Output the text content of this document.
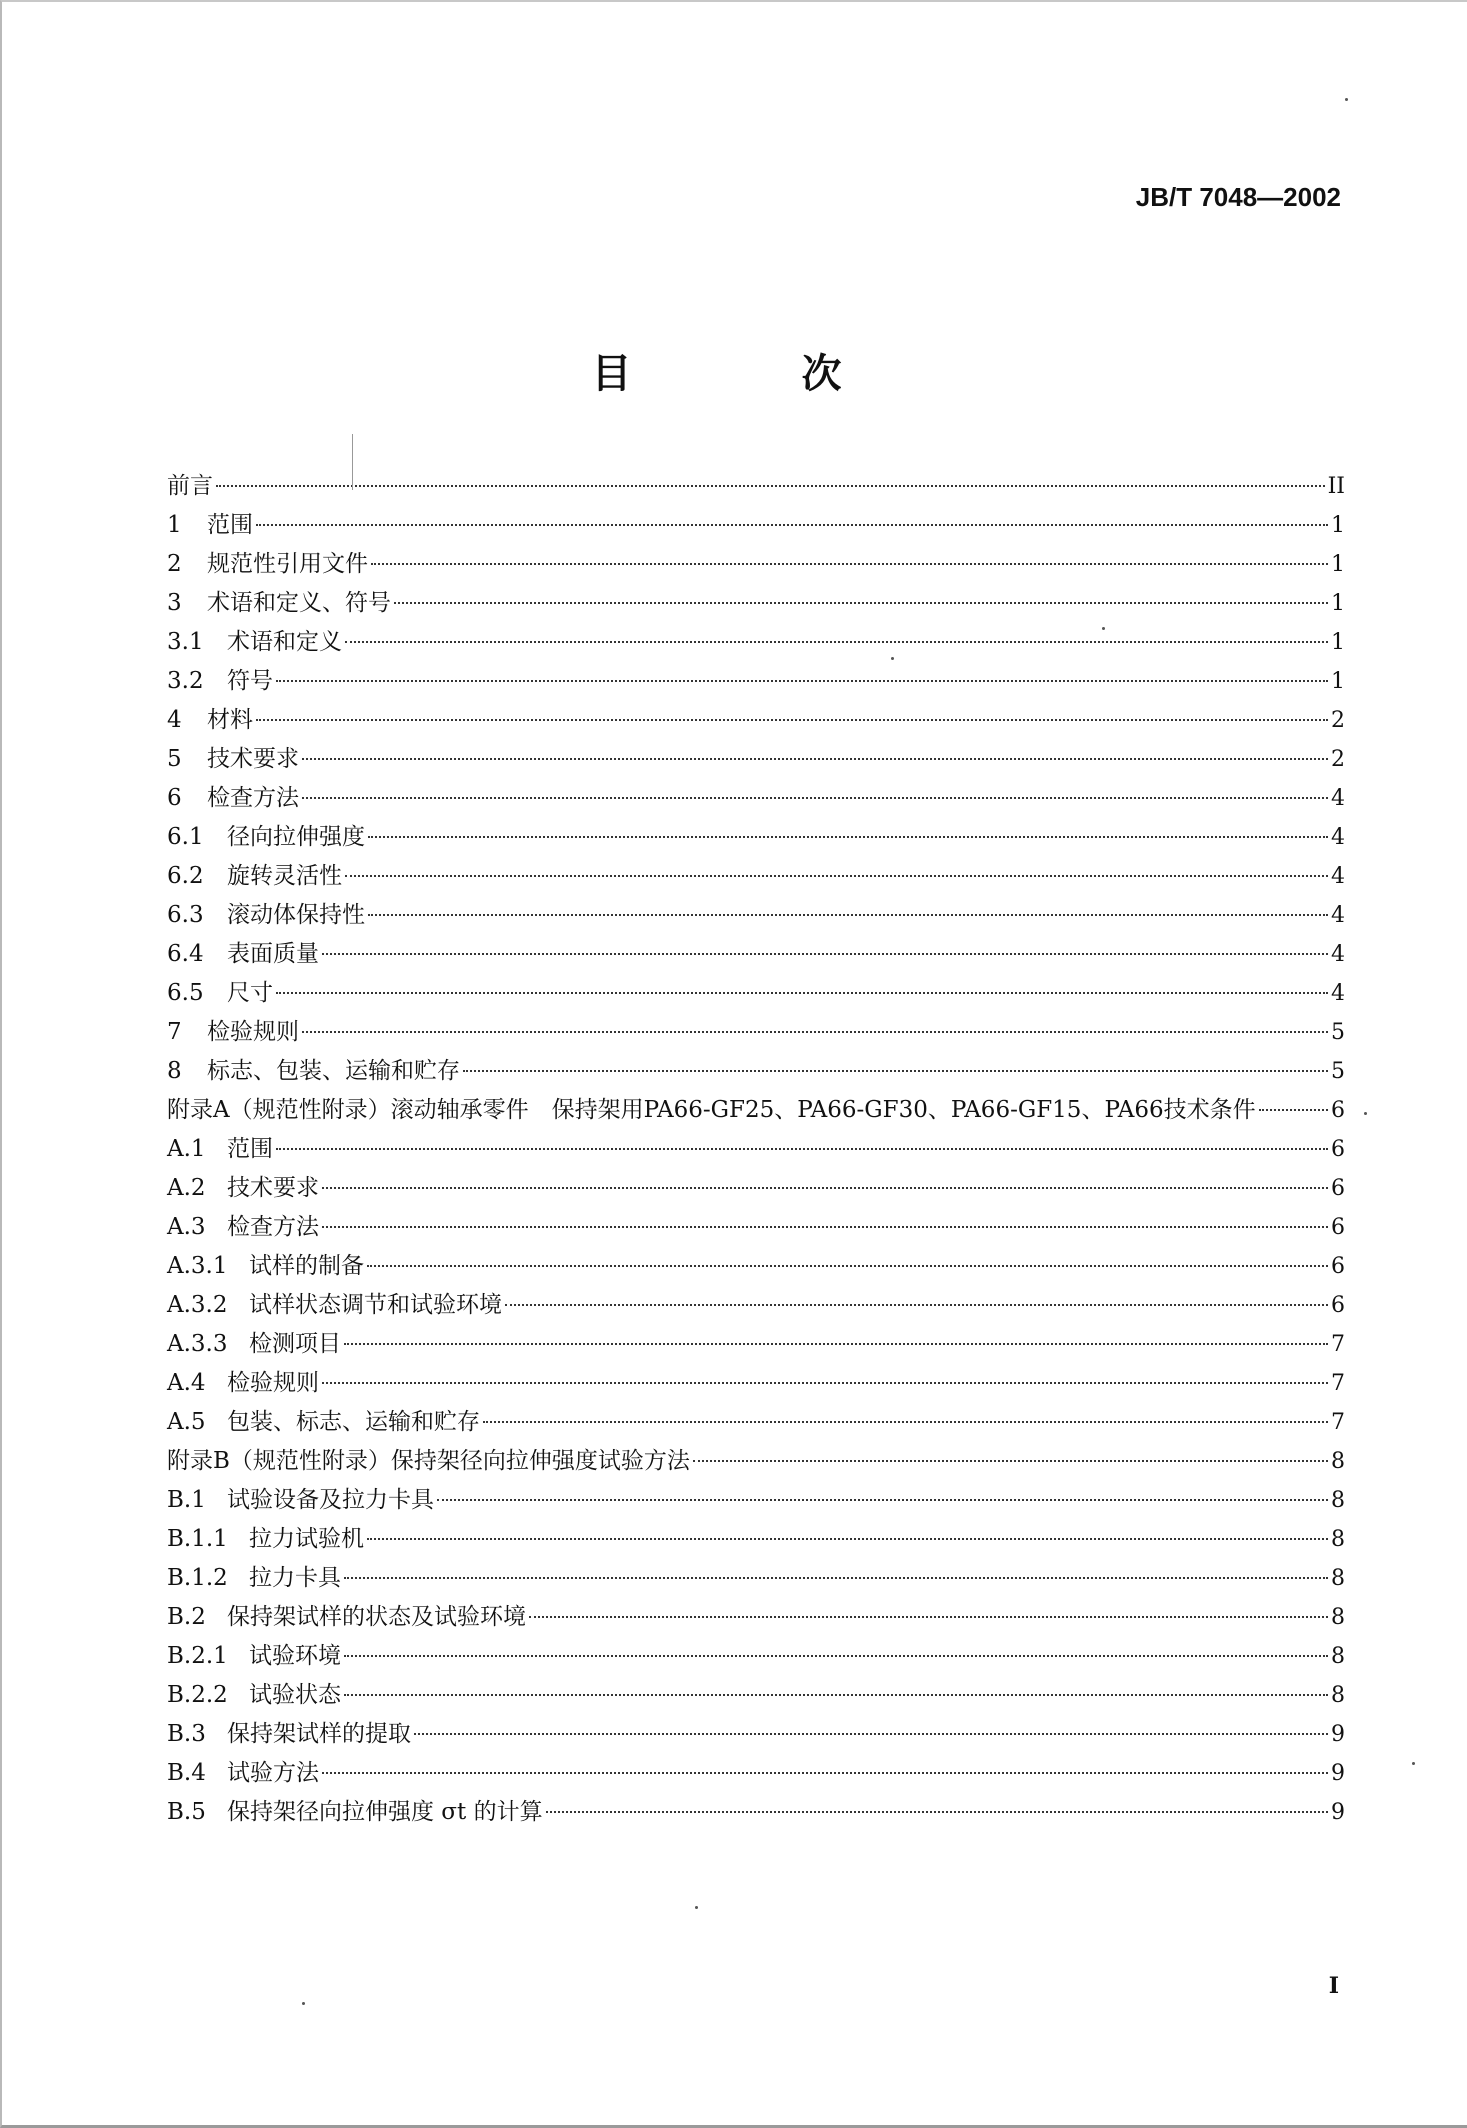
JB/T 7048—2002
目 次
前言	II
1	范围	1
2	规范性引用文件	1
3	术语和定义、符号	1
3.1	术语和定义	1
3.2	符号	1
4	材料	2
5	技术要求	2
6	检查方法	4
6.1	径向拉伸强度	4
6.2	旋转灵活性	4
6.3	滚动体保持性	4
6.4	表面质量	4
6.5	尺寸	4
7	检验规则	5
8	标志、包装、运输和贮存	5
附录A（规范性附录）滚动轴承零件　保持架用PA66-GF25、PA66-GF30、PA66-GF15、PA66技术条件	6
A.1 范围	6
A.2 技术要求	6
A.3 检查方法	6
A.3.1 试样的制备	6
A.3.2 试样状态调节和试验环境	6
A.3.3 检测项目	7
A.4 检验规则	7
A.5 包装、标志、运输和贮存	7
附录B（规范性附录）保持架径向拉伸强度试验方法	8
B.1 试验设备及拉力卡具	8
B.1.1 拉力试验机	8
B.1.2 拉力卡具	8
B.2 保持架试样的状态及试验环境	8
B.2.1 试验环境	8
B.2.2 试验状态	8
B.3 保持架试样的提取	9
B.4 试验方法	9
B.5 保持架径向拉伸强度 σt 的计算	9
I
